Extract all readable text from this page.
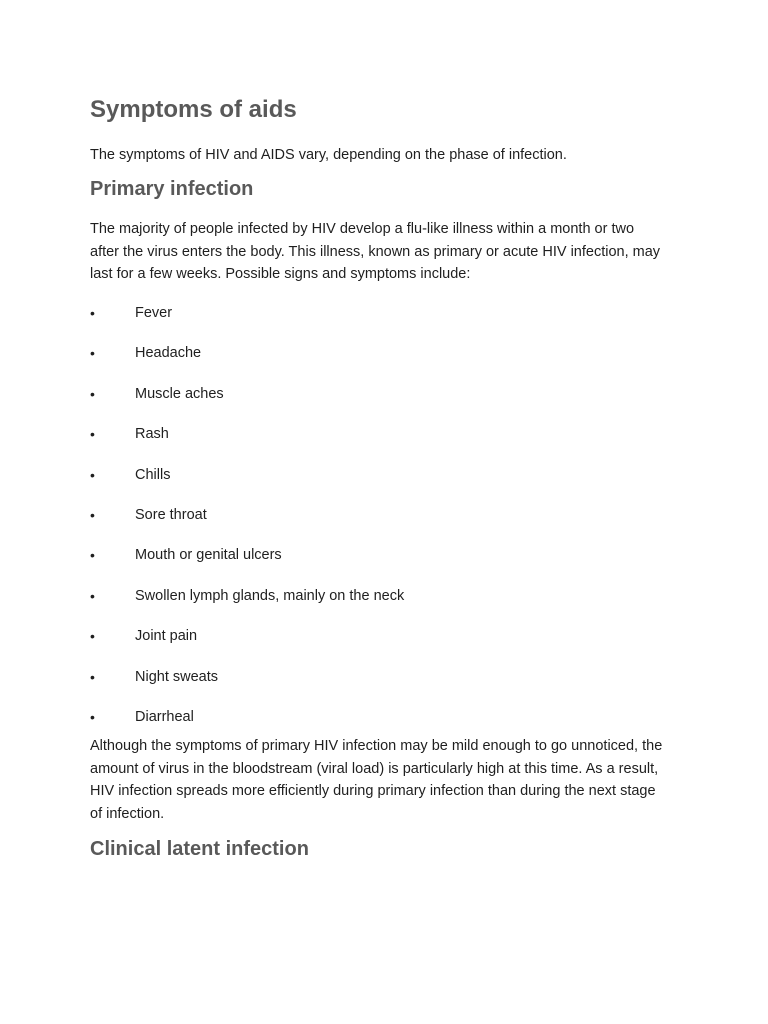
Symptoms of aids

The symptoms of HIV and AIDS vary, depending on the phase of infection.

Primary infection

The majority of people infected by HIV develop a flu-like illness within a month or two after the virus enters the body. This illness, known as primary or acute HIV infection, may last for a few weeks. Possible signs and symptoms include:

•	Fever
•	Headache
•	Muscle aches
•	Rash
•	Chills
•	Sore throat
•	Mouth or genital ulcers
•	Swollen lymph glands, mainly on the neck
•	Joint pain
•	Night sweats
•	Diarrheal

Although the symptoms of primary HIV infection may be mild enough to go unnoticed, the amount of virus in the bloodstream (viral load) is particularly high at this time. As a result, HIV infection spreads more efficiently during primary infection than during the next stage of infection.

Clinical latent infection
